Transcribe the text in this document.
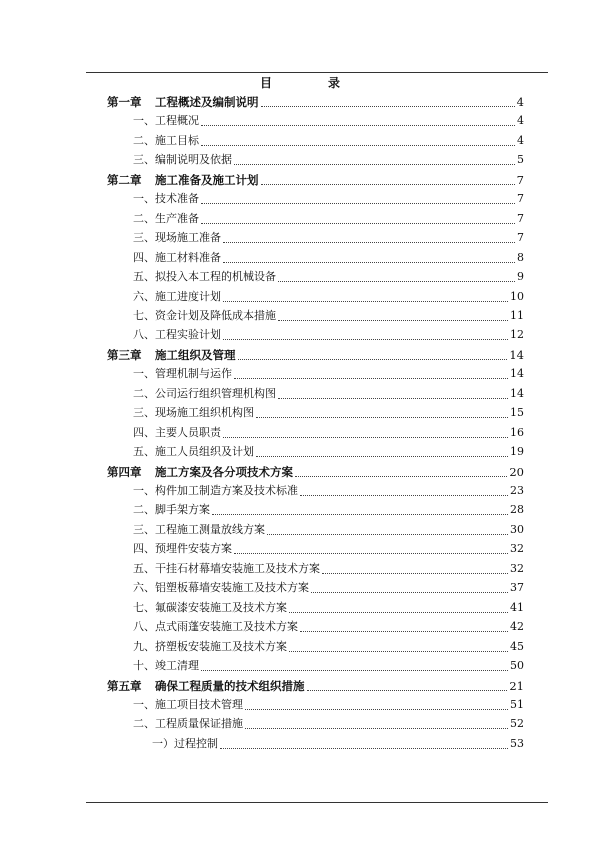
目　录
第一章 工程概述及编制说明	4
一、工程概况	4
二、施工目标	4
三、编制说明及依据	5
第二章 施工准备及施工计划	7
一、技术准备	7
二、生产准备	7
三、现场施工准备	7
四、施工材料准备	8
五、拟投入本工程的机械设备	9
六、施工进度计划	10
七、资金计划及降低成本措施	11
八、工程实验计划	12
第三章 施工组织及管理	14
一、管理机制与运作	14
二、公司运行组织管理机构图	14
三、现场施工组织机构图	15
四、主要人员职责	16
五、施工人员组织及计划	19
第四章 施工方案及各分项技术方案	20
一、构件加工制造方案及技术标准	23
二、脚手架方案	28
三、工程施工测量放线方案	30
四、预埋件安装方案	32
五、干挂石材幕墙安装施工及技术方案	32
六、铝塑板幕墙安装施工及技术方案	37
七、氟碳漆安装施工及技术方案	41
八、点式雨蓬安装施工及技术方案	42
九、挤塑板安装施工及技术方案	45
十、竣工清理	50
第五章 确保工程质量的技术组织措施	21
一、施工项目技术管理	51
二、工程质量保证措施	52
一）过程控制	53
